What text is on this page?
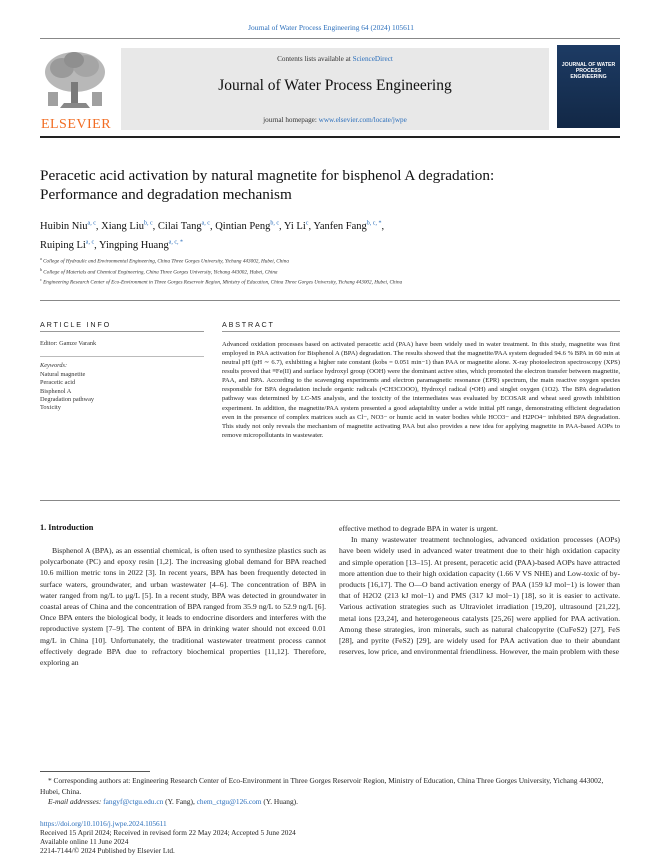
Journal of Water Process Engineering 64 (2024) 105611
ELSEVIER
Contents lists available at ScienceDirect
Journal of Water Process Engineering
journal homepage: www.elsevier.com/locate/jwpe
JOURNAL OF WATER PROCESS ENGINEERING
Peracetic acid activation by natural magnetite for bisphenol A degradation:
Performance and degradation mechanism
Huibin Niu$^{a, c}$, Xiang Liu$^{b, c}$, Cilai Tang$^{a, c}$, Qintian Peng$^{b, c}$, Yi Li$^c$, Yanfen Fang$^{b, c, *}$,
Ruiping Li$^{a, c}$, Yingping Huang$^{a, c, *}$
$^a$ College of Hydraulic and Environmental Engineering, China Three Gorges University, Yichang 443002, Hubei, China
$^b$ College of Materials and Chemical Engineering, China Three Gorges University, Yichang 443002, Hubei, China
$^c$ Engineering Research Center of Eco-Environment in Three Gorges Reservoir Region, Ministry of Education, China Three Gorges University, Yichang 443002, Hubei, China
ARTICLE INFO
Editor: Gamze Varank
Keywords:
Natural magnetite
Peracetic acid
Bisphenol A
Degradation pathway
Toxicity
ABSTRACT
Advanced oxidation processes based on activated peracetic acid (PAA) have been widely used in water treatment. In this study, magnetite was first employed in PAA activation for Bisphenol A (BPA) degradation. The results showed that the magnetite/PAA system degraded 94.6 % BPA in 60 min at neutral pH (pH ∼ 6.7), exhibiting a higher rate constant (kobs = 0.051 min−1) than PAA or magnetite alone. X-ray photoelectron spectroscopy (XPS) results proved that ≡Fe(II) and surface hydroxyl group (OOH) were the dominant active sites, which promoted the electron transfer between magnetite, PAA, and BPA. According to the scavenging experiments and electron paramagnetic resonance (EPR) spectrum, the main reactive oxygen species responsible for BPA degradation include organic radicals (•CH3COOO), Hydroxyl radical (•OH) and singlet oxygen (1O2). The BPA degradation pathway was determined by LC-MS analysis, and the toxicity of the intermediates was evaluated by ECOSAR and wheat seed growth inhibition experiment. In addition, the magnetite/PAA system presented a good adaptability under a wide initial pH range, demonstrating efficient degradation even in the presence of complex matrices such as Cl−, NO3− or humic acid in water bodies while HCO3− and H2PO4− inhibited BPA degradation. This study not only reveals the mechanism of magnetite activating PAA but also provides a new idea for applying magnetite in PAA-based AOPs to remove micropollutants in wastewater.
1. Introduction

Bisphenol A (BPA), as an essential chemical, is often used to synthesize plastics such as polycarbonate (PC) and epoxy resin [1,2]. The increasing global demand for BPA reached 10.6 million metric tons in 2022 [3]. In recent years, BPA has been frequently detected in surface waters, groundwater, and urban wastewater [4–6]. The concentration of BPA in water ranged from ng/L to μg/L [5]. In a recent study, BPA was detected in groundwater in coastal areas of China and the concentration of BPA ranged from 35.9 ng/L to 52.9 ng/L [6]. Once BPA enters the biological body, it leads to endocrine disorders and interferes with the reproductive system [7–9]. The content of BPA in drinking water should not exceed 0.01 mg/L in China [10]. Unfortunately, the traditional wastewater treatment process cannot effectively degrade BPA due to refractory biochemical properties [11,12]. Therefore, exploring an

effective method to degrade BPA in water is urgent.

In many wastewater treatment technologies, advanced oxidation processes (AOPs) have been widely used in advanced water treatment due to their high oxidation capacity and simple operation [13–15]. At present, peracetic acid (PAA)-based AOPs have attracted more attention due to their high oxidation capacity (1.66 V VS NHE) and Low-toxic of by-products [16,17]. The O—O band activation energy of PAA (159 kJ mol−1) is lower than that of H2O2 (213 kJ mol−1) and PMS (317 kJ mol−1) [18], so it is easier to activate. Various activation strategies such as Ultraviolet irradiation [19,20], ultrasound [21,22], metal ions [23,24], and heterogeneous catalysts [25,26] were applied for PAA activation. Among these strategies, iron minerals, such as natural chalcopyrite (CuFeS2) [27], FeS [28], and pyrite (FeS2) [29], are widely used for PAA activation due to their abundant reserves, low price, and environmental friendliness. However, the main problem with these

* Corresponding authors at: Engineering Research Center of Eco-Environment in Three Gorges Reservoir Region, Ministry of Education, China Three Gorges University, Yichang 443002, Hubei, China.
E-mail addresses: fangyf@ctgu.edu.cn (Y. Fang), chem_ctgu@126.com (Y. Huang).
https://doi.org/10.1016/j.jwpe.2024.105611
Received 15 April 2024; Received in revised form 22 May 2024; Accepted 5 June 2024
Available online 11 June 2024
2214-7144/© 2024 Published by Elsevier Ltd.
